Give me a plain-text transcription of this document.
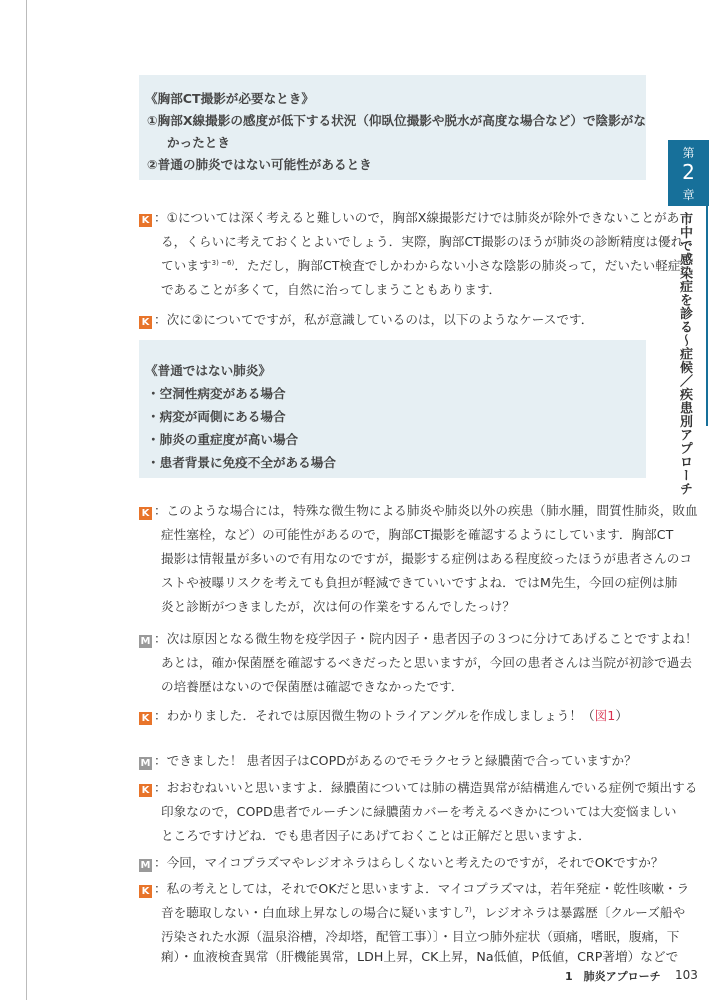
《胸部CT撮影が必要なとき》
①胸部X線撮影の感度が低下する状況（仰臥位撮影や脱水が高度な場合など）で陰影がな
かったとき
②普通の肺炎ではない可能性があるとき
K ：①については深く考えると難しいので，胸部X線撮影だけでは肺炎が除外できないことがあ
る，くらいに考えておくとよいでしょう．実際，胸部CT撮影のほうが肺炎の診断精度は優れ
ています$^{3) \sim 6)}$．ただし，胸部CT検査でしかわからない小さな陰影の肺炎って，だいたい軽症
であることが多くて，自然に治ってしまうこともあります．
K ：次に②についてですが，私が意識しているのは，以下のようなケースです．
《普通ではない肺炎》
・空洞性病変がある場合
・病変が両側にある場合
・肺炎の重症度が高い場合
・患者背景に免疫不全がある場合
K ：このような場合には，特殊な微生物による肺炎や肺炎以外の疾患（肺水腫，間質性肺炎，敗血
症性塞栓，など）の可能性があるので，胸部CT撮影を確認するようにしています．胸部CT
撮影は情報量が多いので有用なのですが，撮影する症例はある程度絞ったほうが患者さんのコ
ストや被曝リスクを考えても負担が軽減できていいですよね．ではM先生，今回の症例は肺
炎と診断がつきましたが，次は何の作業をするんでしたっけ？
M ：次は原因となる微生物を疫学因子・院内因子・患者因子の３つに分けてあげることですよね！
あとは，確か保菌歴を確認するべきだったと思いますが，今回の患者さんは当院が初診で過去
の培養歴はないので保菌歴は確認できなかったです．
K ：わかりました．それでは原因微生物のトライアングルを作成しましょう！（図1）
M ：できました！ 患者因子はCOPDがあるのでモラクセラと緑膿菌で合っていますか？
K ：おおむねいいと思いますよ．緑膿菌については肺の構造異常が結構進んでいる症例で頻出する
印象なので，COPD患者でルーチンに緑膿菌カバーを考えるべきかについては大変悩ましい
ところですけどね．でも患者因子にあげておくことは正解だと思いますよ．
M ：今回，マイコプラズマやレジオネラはらしくないと考えたのですが，それでOKですか？
K ：私の考えとしては，それでOKだと思いますよ．マイコプラズマは，若年発症・乾性咳嗽・ラ
音を聴取しない・白血球上昇なしの場合に疑いますし$^{7)}$，レジオネラは暴露歴〔クルーズ船や
汚染された水源（温泉浴槽，冷却塔，配管工事）〕・目立つ肺外症状（頭痛，嗜眠，腹痛，下
痢）・血液検査異常（肝機能異常，LDH上昇，CK上昇，Na低値，P低値，CRP著増）などで
第
2
章
市中で感染症を診る〜症候／疾患別アプローチ
1　肺炎アプローチ 103
